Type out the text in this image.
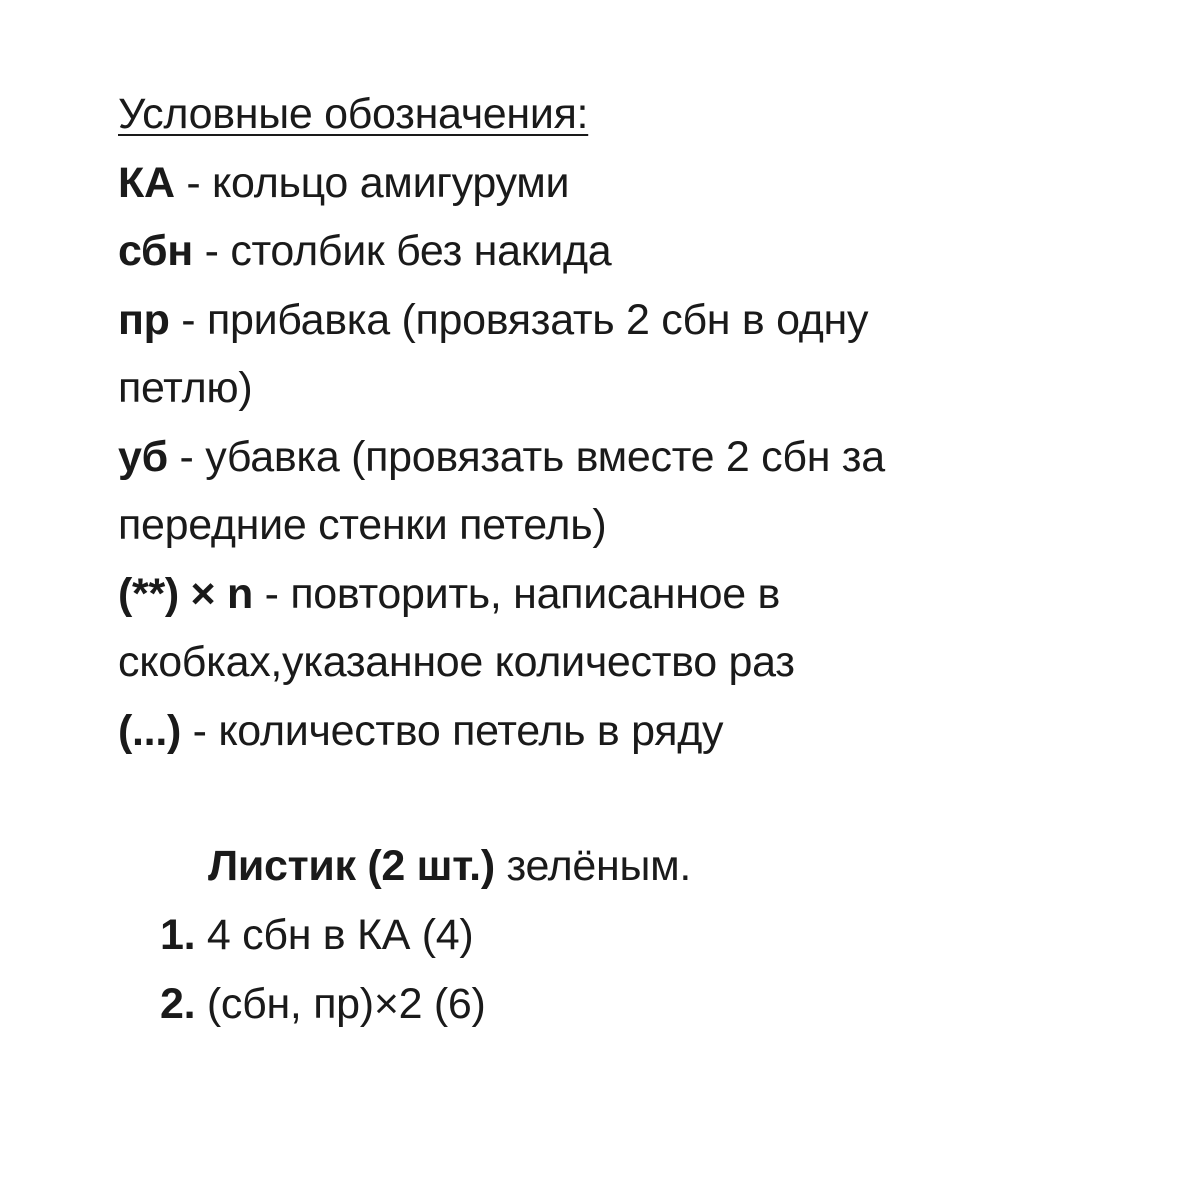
Условные обозначения:
КА - кольцо амигуруми
сбн - столбик без накида
пр - прибавка (провязать 2 сбн в одну
петлю)
уб - убавка (провязать вместе 2 сбн за
передние стенки петель)
(**) × n - повторить, написанное в
скобках,указанное количество раз
(...) - количество петель в ряду
Листик (2 шт.) зелёным.
1. 4 сбн в КА (4)
2. (сбн, пр)×2 (6)
